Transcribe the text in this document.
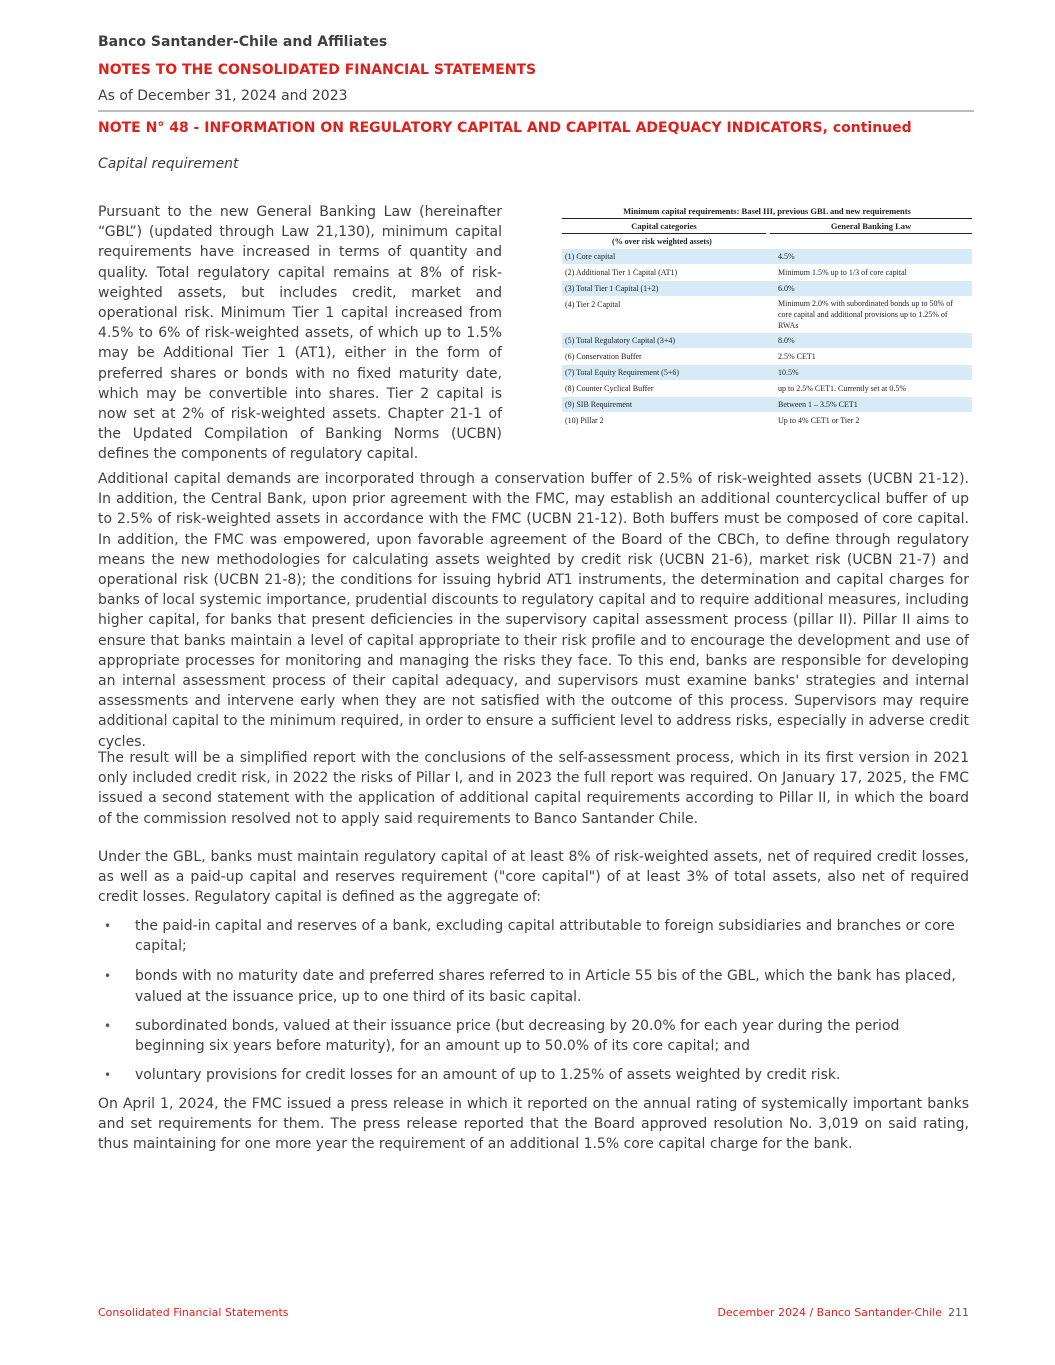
Banco Santander-Chile and Affiliates
NOTES TO THE CONSOLIDATED FINANCIAL STATEMENTS
As of December 31, 2024 and 2023
NOTE N° 48 - INFORMATION ON REGULATORY CAPITAL AND CAPITAL ADEQUACY INDICATORS, continued
Capital requirement

Pursuant to the new General Banking Law (hereinafter “GBL”) (updated through Law 21,130), minimum capital requirements have increased in terms of quantity and quality. Total regulatory capital remains at 8% of risk-weighted assets, but includes credit, market and operational risk. Minimum Tier 1 capital increased from 4.5% to 6% of risk-weighted assets, of which up to 1.5% may be Additional Tier 1 (AT1), either in the form of preferred shares or bonds with no fixed maturity date, which may be convertible into shares. Tier 2 capital is now set at 2% of risk-weighted assets. Chapter 21-1 of the Updated Compilation of Banking Norms (UCBN) defines the components of regulatory capital.

Minimum capital requirements: Basel III, previous GBL and new requirements
Capital categories	General Banking Law
(% over risk weighted assets)
(1) Core capital	4.5%
(2) Additional Tier 1 Capital (AT1)	Minimum 1.5% up to 1/3 of core capital
(3) Total Tier 1 Capital (1+2)	6.0%
(4) Tier 2 Capital	Minimum 2.0% with subordinated bonds up to 50% of core capital and additional provisions up to 1.25% of RWAs
(5) Total Regulatory Capital (3+4)	8.0%
(6) Conservation Buffer	2.5% CET1
(7) Total Equity Requirement (5+6)	10.5%
(8) Counter Cyclical Buffer	up to 2.5% CET1. Currently set at 0.5%
(9) SIB Requirement	Between 1 – 3.5% CET1
(10) Pillar 2	Up to 4% CET1 or Tier 2

Additional capital demands are incorporated through a conservation buffer of 2.5% of risk-weighted assets (UCBN 21-12). In addition, the Central Bank, upon prior agreement with the FMC, may establish an additional countercyclical buffer of up to 2.5% of risk-weighted assets in accordance with the FMC (UCBN 21-12). Both buffers must be composed of core capital. In addition, the FMC was empowered, upon favorable agreement of the Board of the CBCh, to define through regulatory means the new methodologies for calculating assets weighted by credit risk (UCBN 21-6), market risk (UCBN 21-7) and operational risk (UCBN 21-8); the conditions for issuing hybrid AT1 instruments, the determination and capital charges for banks of local systemic importance, prudential discounts to regulatory capital and to require additional measures, including higher capital, for banks that present deficiencies in the supervisory capital assessment process (pillar II). Pillar II aims to ensure that banks maintain a level of capital appropriate to their risk profile and to encourage the development and use of appropriate processes for monitoring and managing the risks they face. To this end, banks are responsible for developing an internal assessment process of their capital adequacy, and supervisors must examine banks' strategies and internal assessments and intervene early when they are not satisfied with the outcome of this process. Supervisors may require additional capital to the minimum required, in order to ensure a sufficient level to address risks, especially in adverse credit cycles.

The result will be a simplified report with the conclusions of the self-assessment process, which in its first version in 2021 only included credit risk, in 2022 the risks of Pillar I, and in 2023 the full report was required. On January 17, 2025, the FMC issued a second statement with the application of additional capital requirements according to Pillar II, in which the board of the commission resolved not to apply said requirements to Banco Santander Chile.

Under the GBL, banks must maintain regulatory capital of at least 8% of risk-weighted assets, net of required credit losses, as well as a paid-up capital and reserves requirement ("core capital") of at least 3% of total assets, also net of required credit losses. Regulatory capital is defined as the aggregate of:

• the paid-in capital and reserves of a bank, excluding capital attributable to foreign subsidiaries and branches or core capital;
• bonds with no maturity date and preferred shares referred to in Article 55 bis of the GBL, which the bank has placed, valued at the issuance price, up to one third of its basic capital.
• subordinated bonds, valued at their issuance price (but decreasing by 20.0% for each year during the period beginning six years before maturity), for an amount up to 50.0% of its core capital; and
• voluntary provisions for credit losses for an amount of up to 1.25% of assets weighted by credit risk.

On April 1, 2024, the FMC issued a press release in which it reported on the annual rating of systemically important banks and set requirements for them. The press release reported that the Board approved resolution No. 3,019 on said rating, thus maintaining for one more year the requirement of an additional 1.5% core capital charge for the bank.

Consolidated Financial Statements	December 2024 / Banco Santander-Chile 211
